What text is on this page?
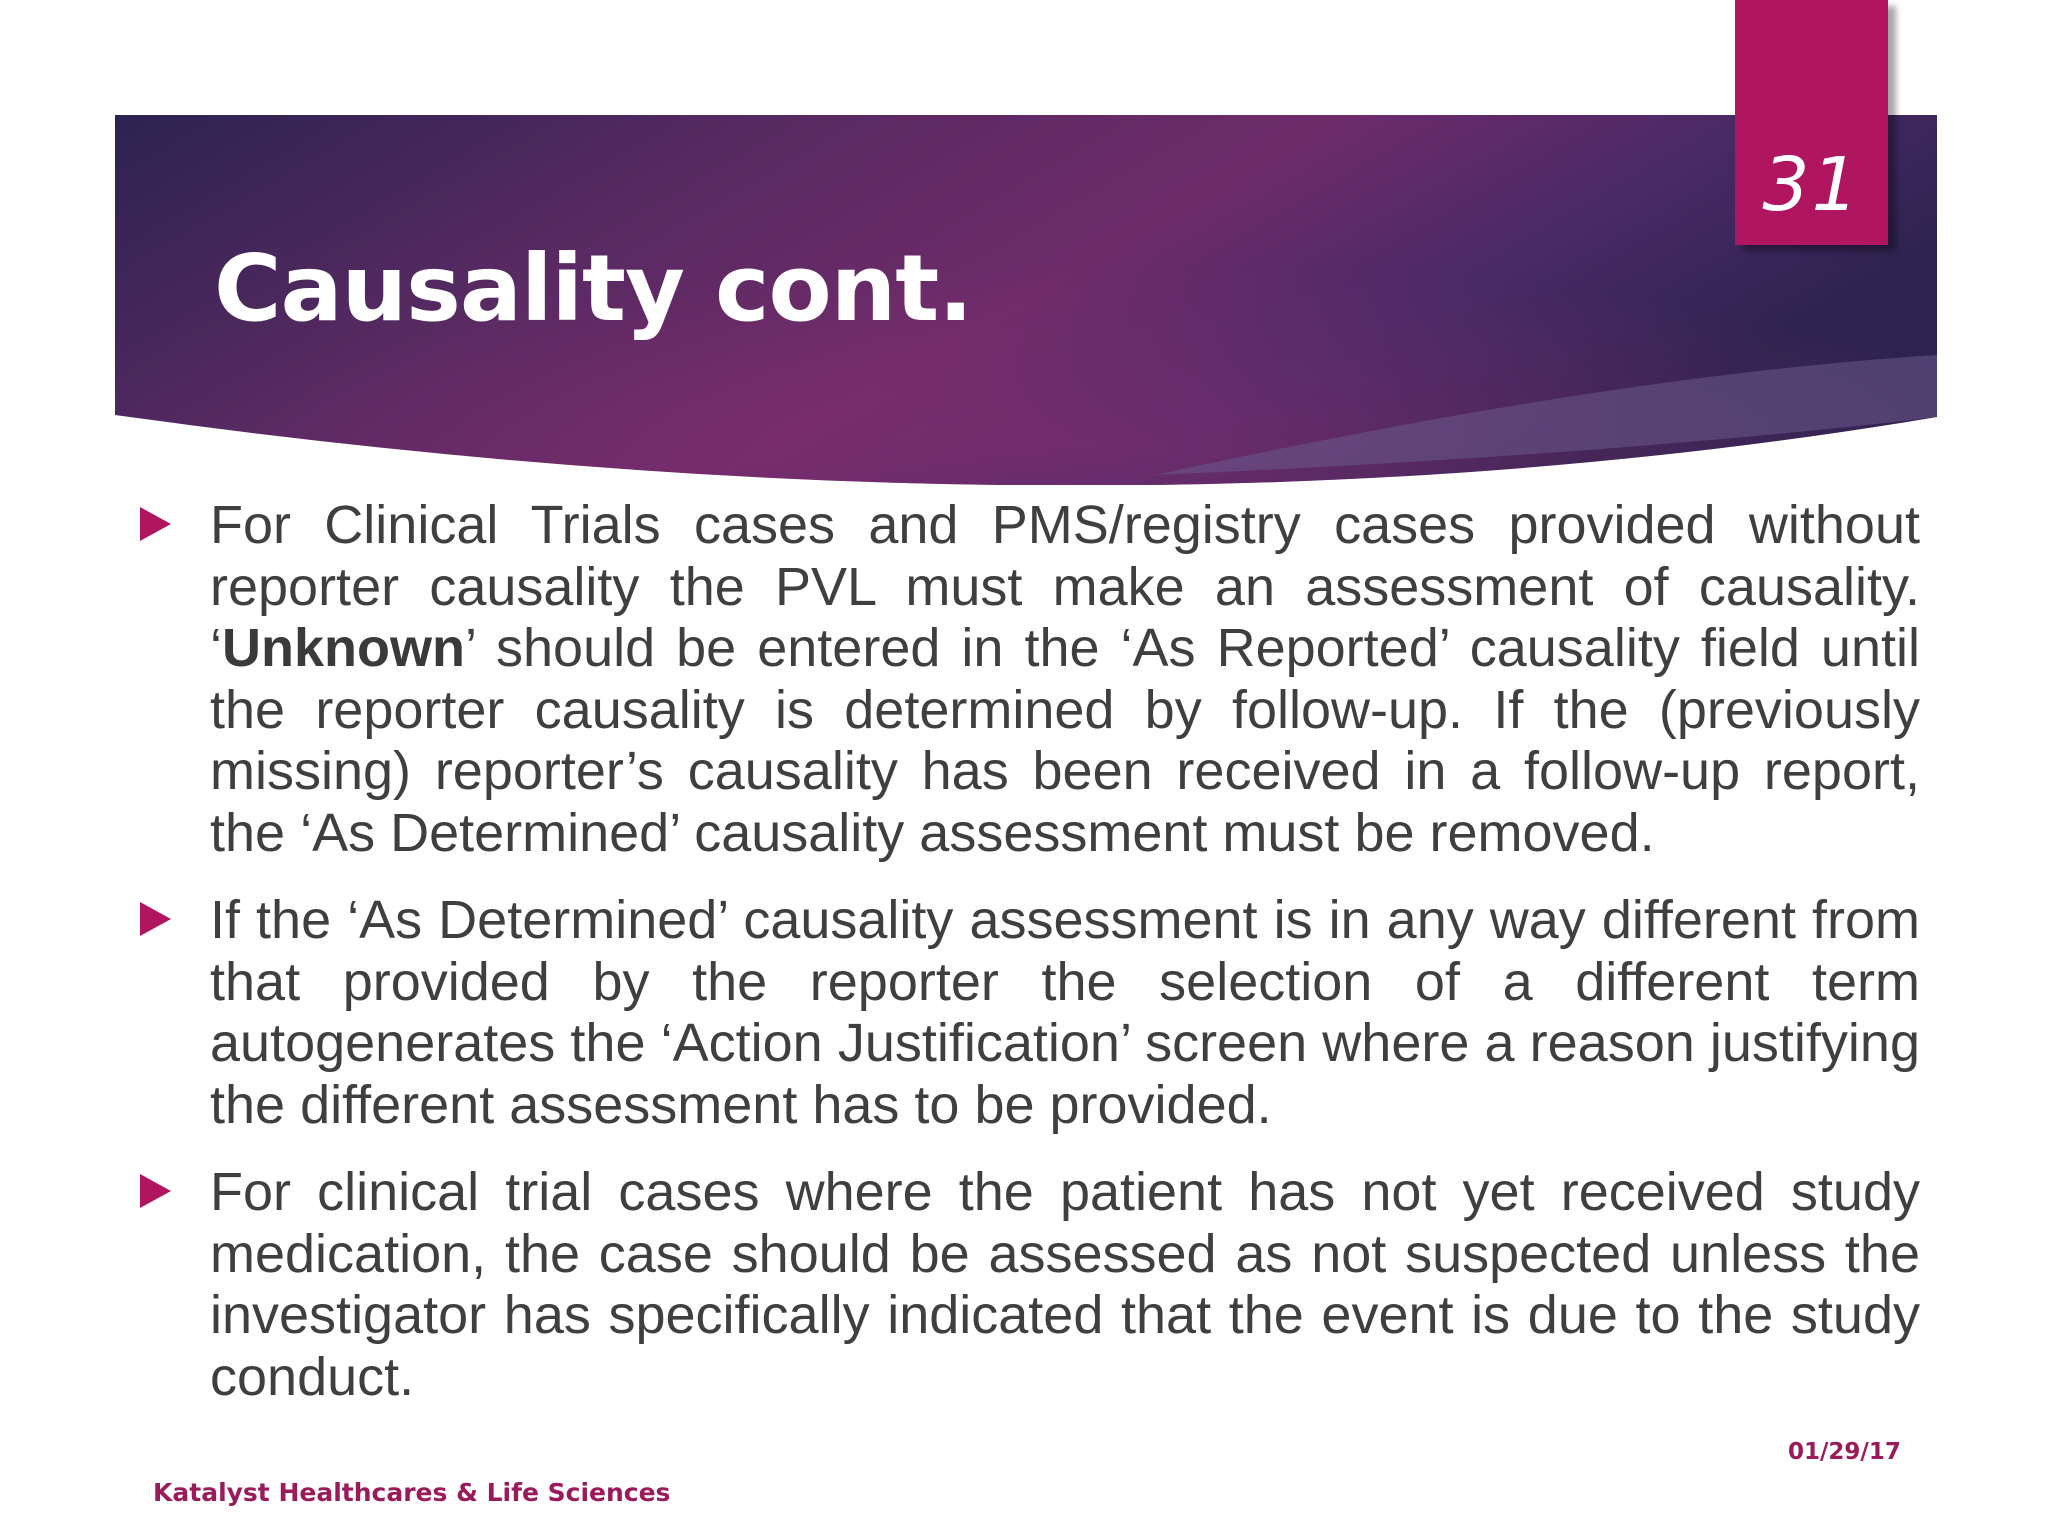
31
Causality cont.
For Clinical Trials cases and PMS/registry cases provided without reporter causality the PVL must make an assessment of causality. ‘Unknown’ should be entered in the ‘As Reported’ causality field until the reporter causality is determined by follow-up. If the (previously missing) reporter’s causality has been received in a follow-up report, the ‘As Determined’ causality assessment must be removed.
If the ‘As Determined’ causality assessment is in any way different from that provided by the reporter the selection of a different term autogenerates the ‘Action Justification’ screen where a reason justifying the different assessment has to be provided.
For clinical trial cases where the patient has not yet received study medication, the case should be assessed as not suspected unless the investigator has specifically indicated that the event is due to the study conduct.
01/29/17
Katalyst Healthcares & Life Sciences
